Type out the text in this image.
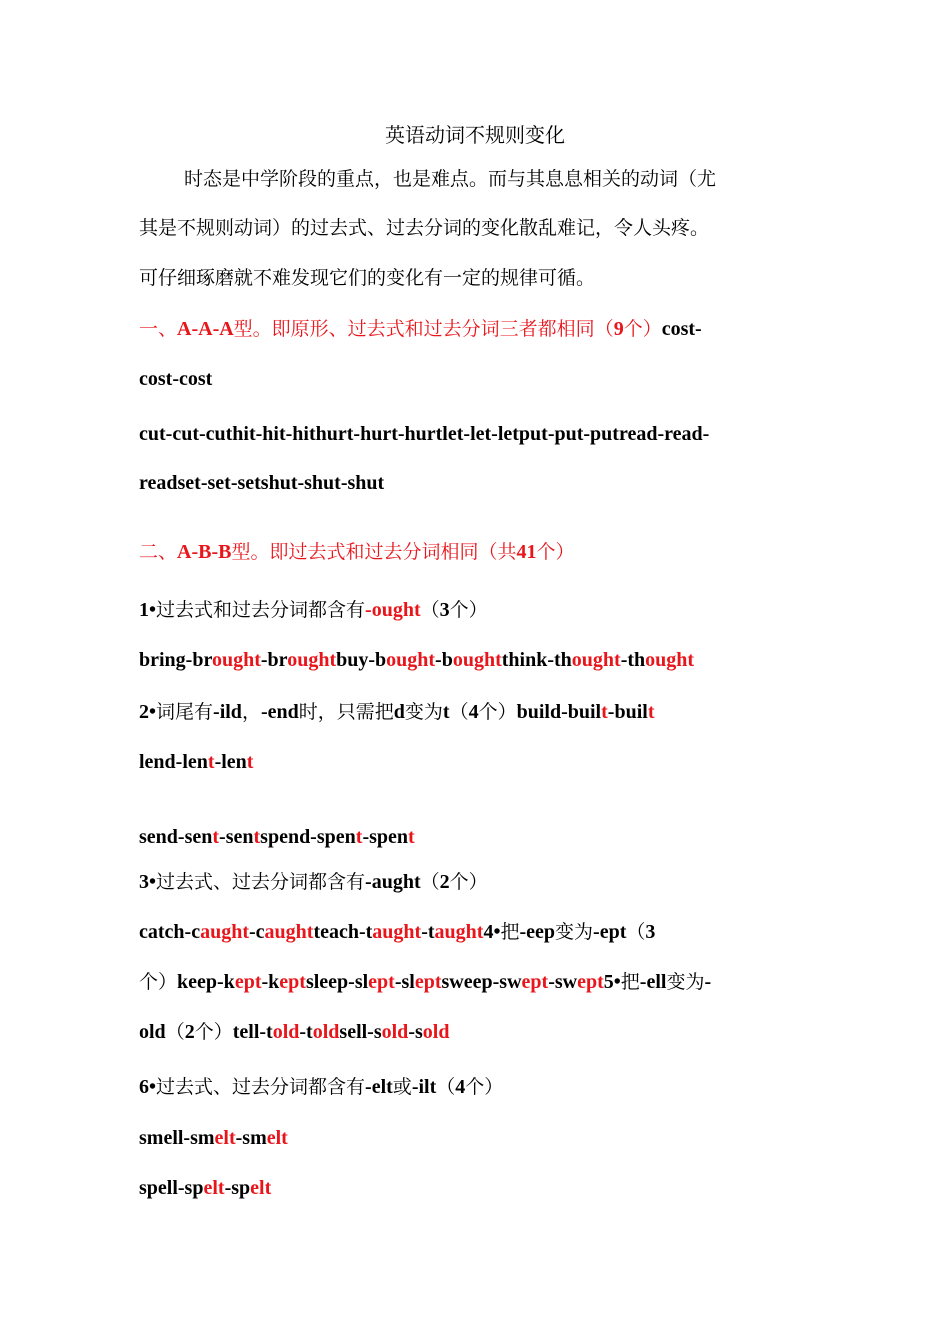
英语动词不规则变化
时态是中学阶段的重点，也是难点。而与其息息相关的动词（尤
其是不规则动词）的过去式、过去分词的变化散乱难记，令人头疼。
可仔细琢磨就不难发现它们的变化有一定的规律可循。
一、A-A-A型。即原形、过去式和过去分词三者都相同（9个）cost-
cost-cost
cut-cut-cuthit-hit-hithurt-hurt-hurtlet-let-letput-put-putread-read-
readset-set-setshut-shut-shut
二、A-B-B型。即过去式和过去分词相同（共41个）
1•过去式和过去分词都含有-ought（3个）
bring-brought-broughtbuy-bought-boughtthink-thought-thought
2•词尾有-ild，-end时，只需把d变为t（4个）build-built-built
lend-lent-lent
send-sent-sentspend-spent-spent
3•过去式、过去分词都含有-aught（2个）
catch-caught-caughtteach-taught-taught4•把-eep变为-ept（3
个）keep-kept-keptsleep-slept-sleptsweep-swept-swept5•把-ell变为-
old（2个）tell-told-toldsell-sold-sold
6•过去式、过去分词都含有-elt或-ilt（4个）
smell-smelt-smelt
spell-spelt-spelt
